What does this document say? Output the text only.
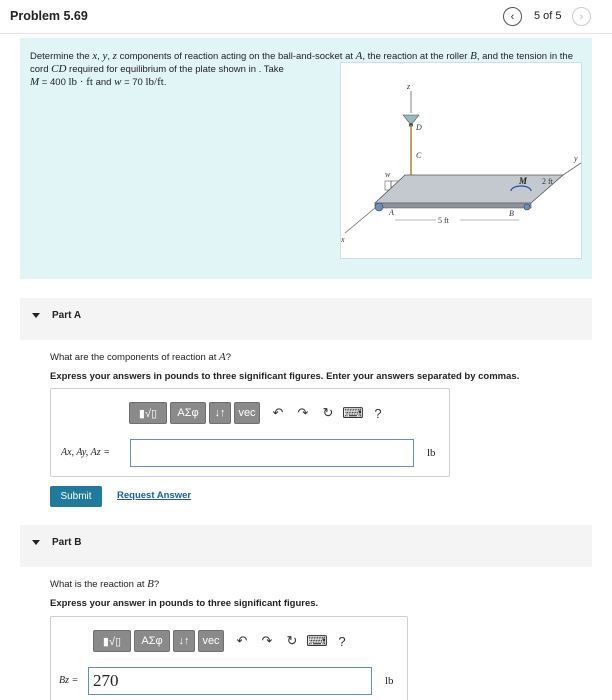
Problem 5.69	‹ 5 of 5 ›
Determine the x, y, z components of reaction acting on the ball-and-socket at A, the reaction at the roller B, and the tension in the cord CD required for equilibrium of the plate shown in . Take
M = 400 lb · ft and w = 70 lb/ft.	z
D
C
w
M 2 ft
y
A	B
5 ft
x
Part A
What are the components of reaction at A?
Express your answers in pounds to three significant figures. Enter your answers separated by commas.
▮√▯	ΑΣφ	↓↑	vec	↶	↷	↻ ⌨ ?
Ax, Ay, Az =	lb
Submit	Request Answer
Part B
What is the reaction at B?
Express your answer in pounds to three significant figures.
▮√▯	ΑΣφ	↓↑	vec	↶	↷	↻ ⌨ ?
Bz = 270	lb
